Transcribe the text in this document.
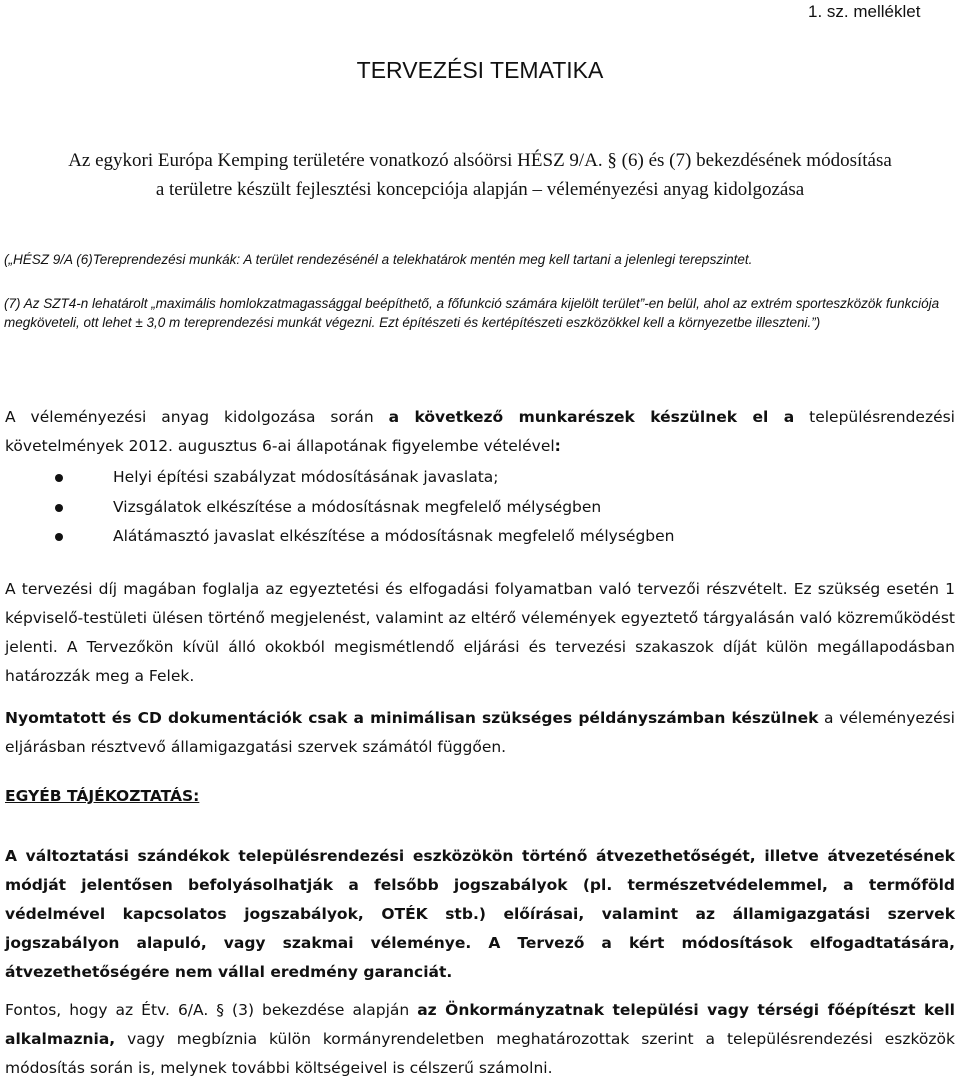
1. sz. melléklet
TERVEZÉSI TEMATIKA
Az egykori Európa Kemping területére vonatkozó alsóörsi HÉSZ 9/A. § (6) és (7) bekezdésének módosítása
a területre készült fejlesztési koncepciója alapján – véleményezési anyag kidolgozása
(„HÉSZ 9/A (6)Tereprendezési munkák: A terület rendezésénél a telekhatárok mentén meg kell tartani a jelenlegi terepszintet.
(7) Az SZT4-n lehatárolt „maximális homlokzatmagassággal beépíthető, a főfunkció számára kijelölt terület”-en belül, ahol az extrém sporteszközök funkciója megköveteli, ott lehet ± 3,0 m tereprendezési munkát végezni. Ezt építészeti és kertépítészeti eszközökkel kell a környezetbe illeszteni.”)
A véleményezési anyag kidolgozása során a következő munkarészek készülnek el a településrendezési követelmények 2012. augusztus 6-ai állapotának figyelembe vételével:
Helyi építési szabályzat módosításának javaslata;
Vizsgálatok elkészítése a módosításnak megfelelő mélységben
Alátámasztó javaslat elkészítése a módosításnak megfelelő mélységben
A tervezési díj magában foglalja az egyeztetési és elfogadási folyamatban való tervezői részvételt. Ez szükség esetén 1 képviselő-testületi ülésen történő megjelenést, valamint az eltérő vélemények egyeztető tárgyalásán való közreműködést jelenti. A Tervezőkön kívül álló okokból megismétlendő eljárási és tervezési szakaszok díját külön megállapodásban határozzák meg a Felek.
Nyomtatott és CD dokumentációk csak a minimálisan szükséges példányszámban készülnek a véleményezési eljárásban résztvevő államigazgatási szervek számától függően.
EGYÉB TÁJÉKOZTATÁS:
A változtatási szándékok településrendezési eszközökön történő átvezethetőségét, illetve átvezetésének módját jelentősen befolyásolhatják a felsőbb jogszabályok (pl. természetvédelemmel, a termőföld védelmével kapcsolatos jogszabályok, OTÉK stb.) előírásai, valamint az államigazgatási szervek jogszabályon alapuló, vagy szakmai véleménye. A Tervező a kért módosítások elfogadtatására, átvezethetőségére nem vállal eredmény garanciát.
Fontos, hogy az Étv. 6/A. § (3) bekezdése alapján az Önkormányzatnak települési vagy térségi főépítészt kell alkalmaznia, vagy megbíznia külön kormányrendeletben meghatározottak szerint a településrendezési eszközök módosítás során is, melynek további költségeivel is célszerű számolni.
